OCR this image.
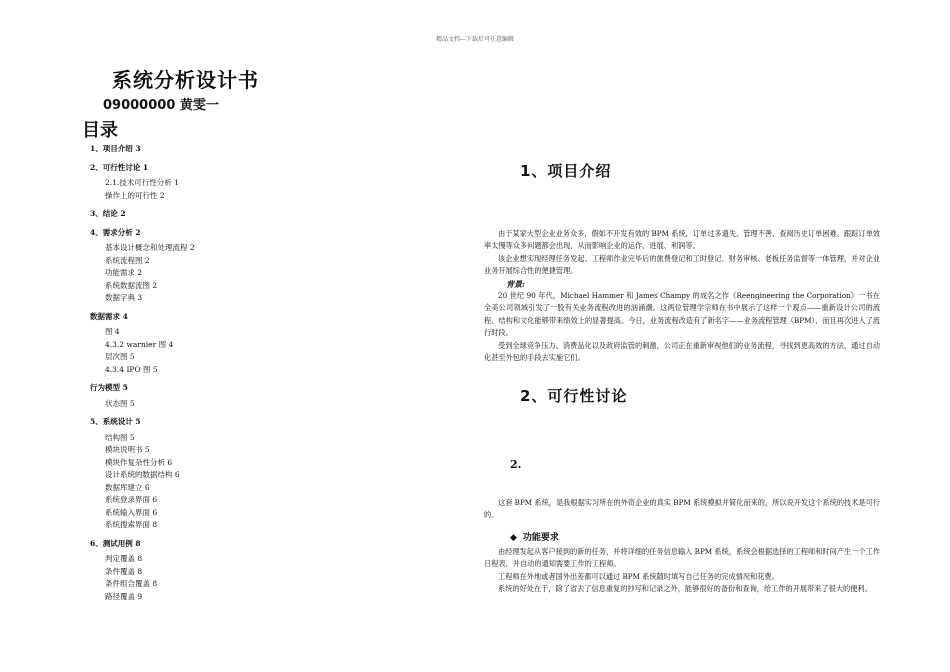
精品文档---下载后可任意编辑
系统分析设计书
09000000 黄雯一
目录
1、项目介绍 3
2、可行性讨论 1
2.1.技术可行性分析 1
操作上的可行性 2
3、结论 2
4、需求分析 2
基本设计概念和处理流程 2
系统流程图 2
功能需求 2
系统数据流图 2
数据字典 3
数据需求 4
图 4
4.3.2 warnier 图 4
层次图 5
4.3.4 IPO 图 5
行为模型 5
状态图 5
5、系统设计 5
结构图 5
模块说明书 5
模块作复杂性分析 6
设计系统的数据结构 6
数据库建立 6
系统登录界面 6
系统输入界面 6
系统搜索界面 8
6、测试用例 8
判定覆盖 8
条件覆盖 8
条件组合覆盖 8
路径覆盖 9
1、项目介绍

由于某家大型企业业务众多，假如不开发有效的 BPM 系统，订单过多遗失、管理不善、查阅历史订单困难、跟踪订单效率太慢等众多问题都会出现，从而影响企业的运作、进展、利润等。

该企业想实现经理任务发起、工程师作业完毕后的旅费登记和工时登记、财务审核、老板任务监督等一体管理，并对企业业务开展综合性的便捷管理。

背景:

20 世纪 90 年代，Michael Hammer 和 James Champy 的成名之作《Reengineering the Corporation》一书在全美公司领域引发了一股有关业务流程改进的汹涌潮。这两位管理学宗师在书中展示了这样一个观点——重新设计公司的流程、结构和文化能够带来绩效上的显著提高。今日，业务流程改造有了新名字——业务流程管理（BPM），而且再次进入了流行时段。

受到全球竞争压力、消费品化以及政府监管的刺激，公司正在重新审视他们的业务流程，寻找到更高效的方法，通过自动化甚至外包的手段去实施它们。

2、可行性讨论
2.

这套 BPM 系统，是我根据实习所在的外资企业的真实 BPM 系统模拟并简化而来的，所以说开发这个系统的技术是可行的。

◆ 功能要求

由经理发起从客户接到的新的任务，并将详细的任务信息输入 BPM 系统，系统会根据选择的工程师和时间产生一个工作日程表，并自动的通知需要工作的工程师。

工程师在外地或者国外出差都可以通过 BPM 系统随时填写自己任务的完成情况和花费。

系统的好处在于，除了省去了信息重复的抄写和记录之外，能够很好的备份和查询，给工作的开展带来了很大的便利。
